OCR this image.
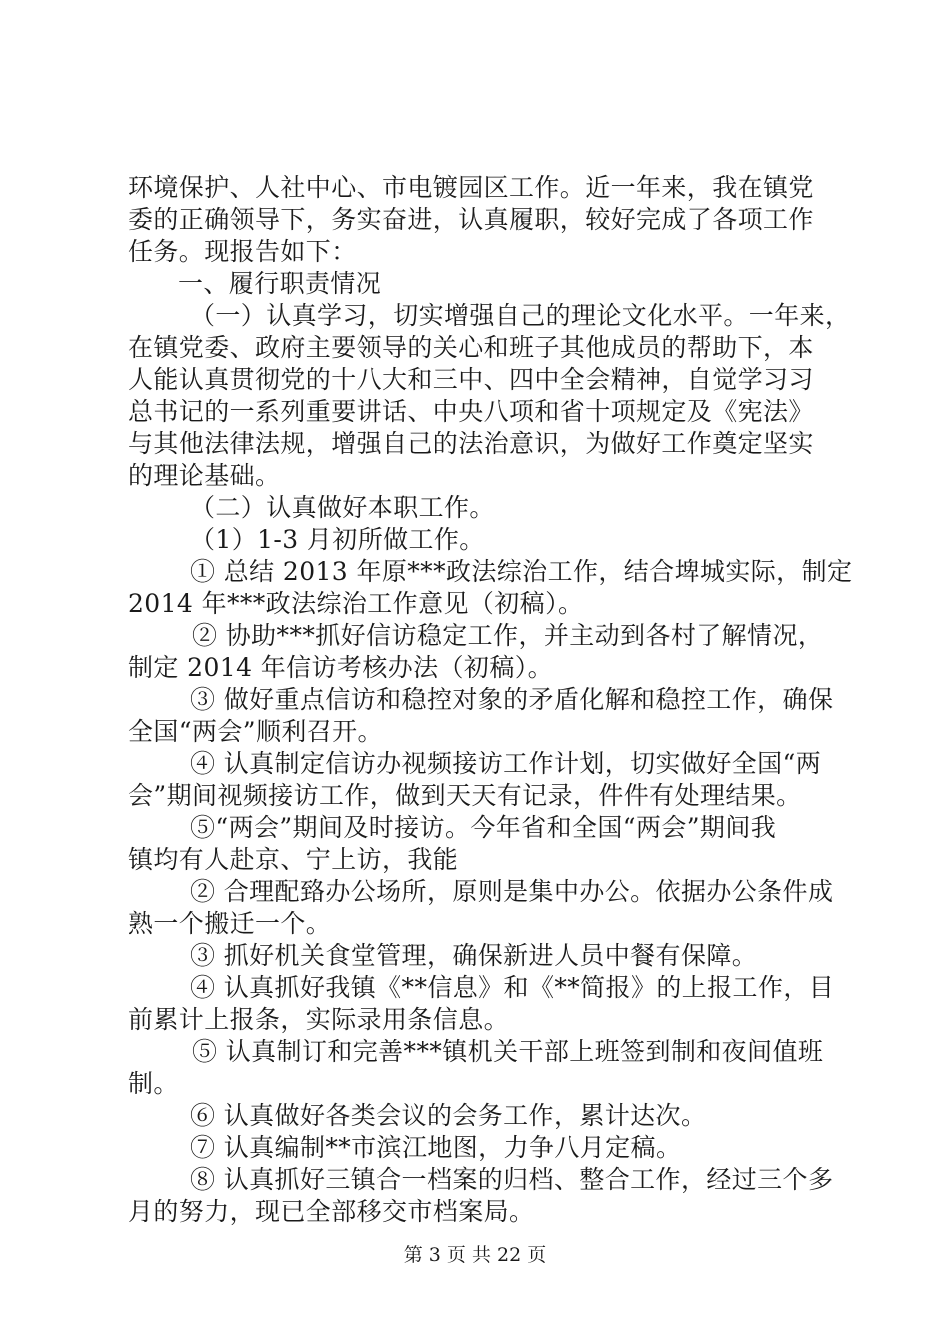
环境保护、人社中心、市电镀园区工作。近一年来，我在镇党
委的正确领导下，务实奋进，认真履职，较好完成了各项工作
任务。现报告如下：
一、履行职责情况
（一）认真学习，切实增强自己的理论文化水平。一年来，
在镇党委、政府主要领导的关心和班子其他成员的帮助下，本
人能认真贯彻党的十八大和三中、四中全会精神，自觉学习习
总书记的一系列重要讲话、中央八项和省十项规定及《宪法》
与其他法律法规，增强自己的法治意识，为做好工作奠定坚实
的理论基础。
（二）认真做好本职工作。
（1）1-3 月初所做工作。
① 总结 2013 年原***政法综治工作，结合埤城实际，制定
2014 年***政法综治工作意见（初稿）。
② 协助***抓好信访稳定工作，并主动到各村了解情况，
制定 2014 年信访考核办法（初稿）。
③ 做好重点信访和稳控对象的矛盾化解和稳控工作，确保
全国“两会”顺利召开。
④ 认真制定信访办视频接访工作计划，切实做好全国“两
会”期间视频接访工作，做到天天有记录，件件有处理结果。
⑤“两会”期间及时接访。今年省和全国“两会”期间我
镇均有人赴京、宁上访，我能
② 合理配臵办公场所，原则是集中办公。依据办公条件成
熟一个搬迁一个。
③ 抓好机关食堂管理，确保新进人员中餐有保障。
④ 认真抓好我镇《**信息》和《**简报》的上报工作，目
前累计上报条，实际录用条信息。
⑤ 认真制订和完善***镇机关干部上班签到制和夜间值班
制。
⑥ 认真做好各类会议的会务工作，累计达次。
⑦ 认真编制**市滨江地图，力争八月定稿。
⑧ 认真抓好三镇合一档案的归档、整合工作，经过三个多
月的努力，现已全部移交市档案局。
第 3 页 共 22 页
